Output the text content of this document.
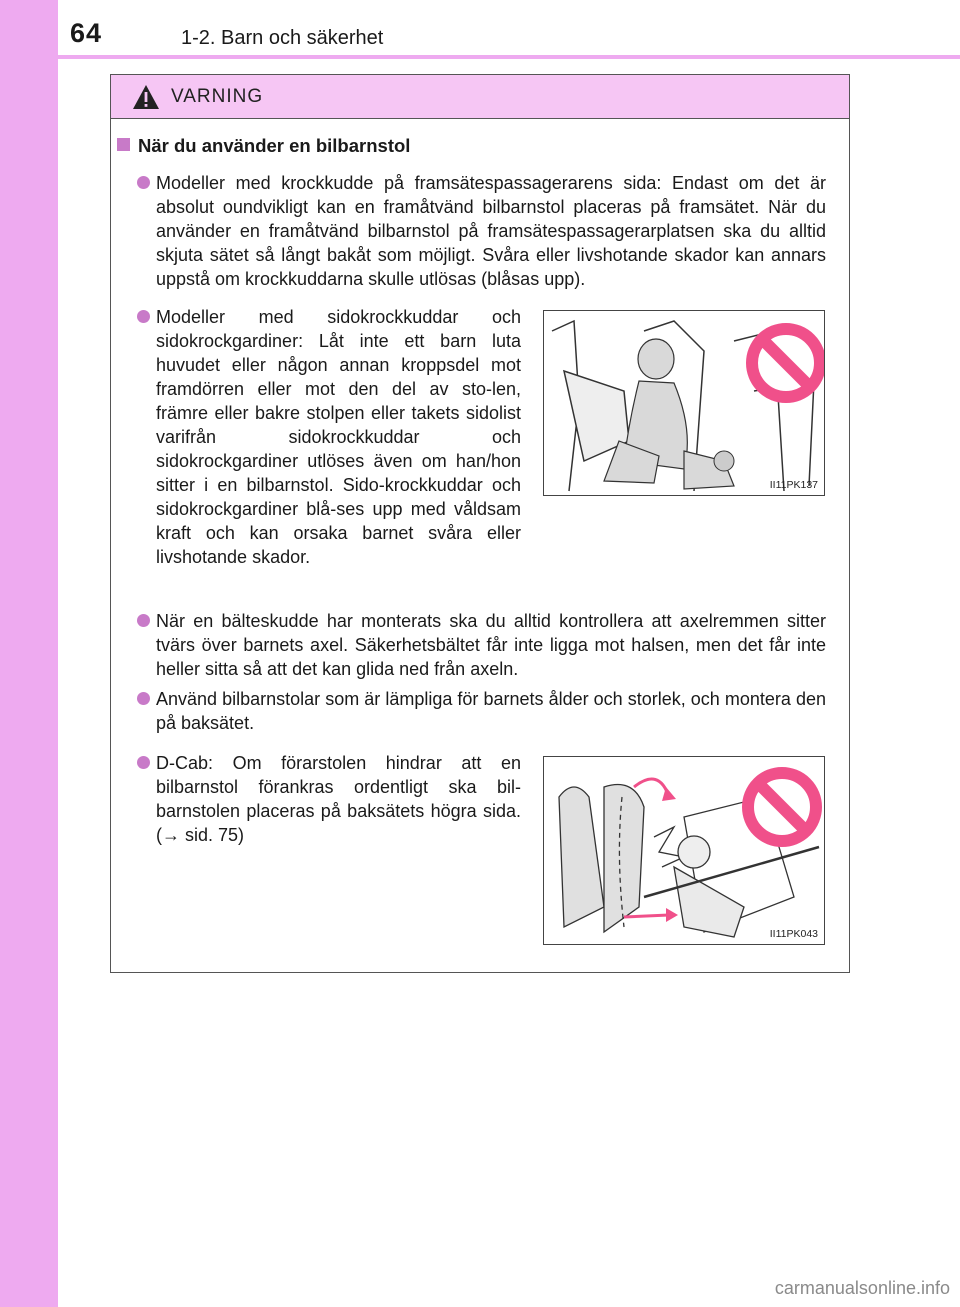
64	1-2. Barn och säkerhet
VARNING
När du använder en bilbarnstol
Modeller med krockkudde på framsätespassagerarens sida: Endast om det är absolut oundvikligt kan en framåtvänd bilbarnstol placeras på framsätet. När du använder en framåtvänd bilbarnstol på framsätespassagerarplatsen ska du alltid skjuta sätet så långt bakåt som möjligt. Svåra eller livshotande skador kan annars uppstå om krockkuddarna skulle utlösas (blåsas upp).
Modeller med sidokrockkuddar och sidokrockgardiner: Låt inte ett barn luta huvudet eller någon annan kroppsdel mot framdörren eller mot den del av sto-len, främre eller bakre stolpen eller takets sidolist varifrån sidokrockkuddar och sidokrockgardiner utlöses även om han/hon sitter i en bilbarnstol. Sido-krockkuddar och sidokrockgardiner blå-ses upp med våldsam kraft och kan orsaka barnet svåra eller livshotande skador.
II11PK137
När en bälteskudde har monterats ska du alltid kontrollera att axelremmen sitter tvärs över barnets axel. Säkerhetsbältet får inte ligga mot halsen, men det får inte heller sitta så att det kan glida ned från axeln.
Använd bilbarnstolar som är lämpliga för barnets ålder och storlek, och montera den på baksätet.
D-Cab: Om förarstolen hindrar att en bilbarnstol förankras ordentligt ska bil-barnstolen placeras på baksätets högra sida. (→ sid. 75)
II11PK043
carmanualsonline.info
